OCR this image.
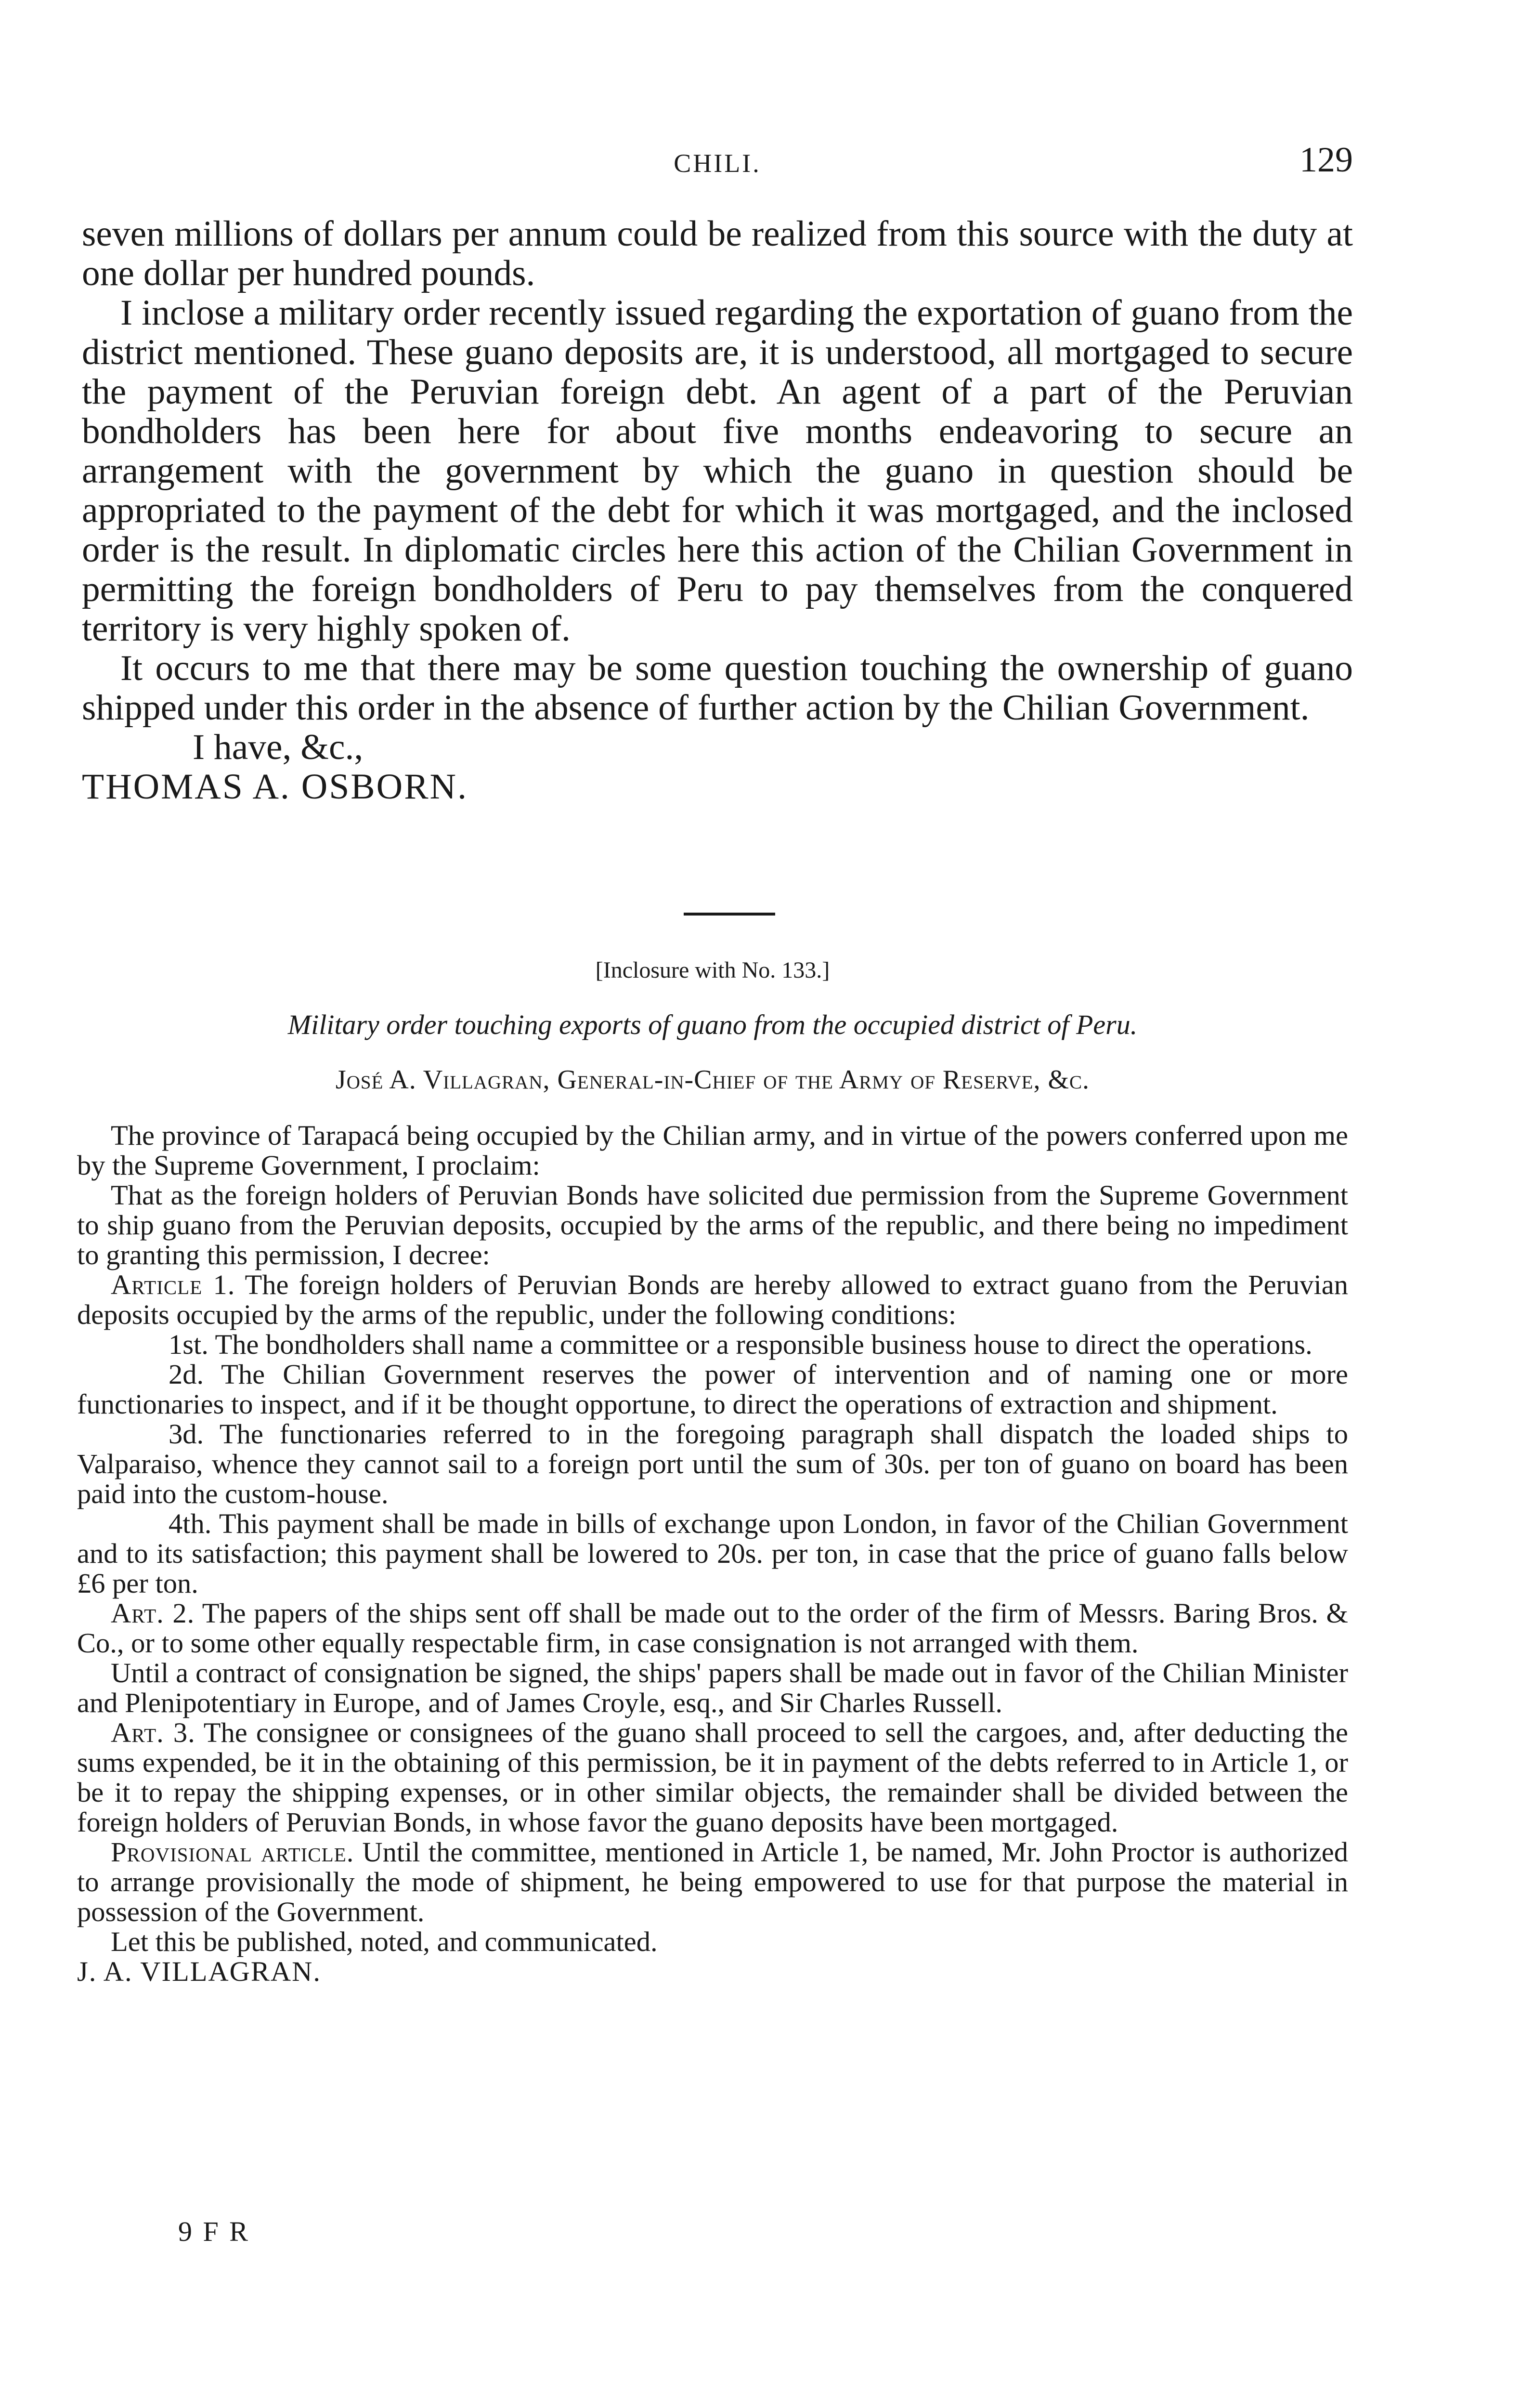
CHILI.	129

seven millions of dollars per annum could be realized from this source with the duty at one dollar per hundred pounds.

I inclose a military order recently issued regarding the exportation of guano from the district mentioned. These guano deposits are, it is understood, all mortgaged to secure the payment of the Peruvian foreign debt. An agent of a part of the Peruvian bondholders has been here for about five months endeavoring to secure an arrangement with the government by which the guano in question should be appropriated to the payment of the debt for which it was mortgaged, and the inclosed order is the result. In diplomatic circles here this action of the Chilian Government in permitting the foreign bondholders of Peru to pay themselves from the conquered territory is very highly spoken of.

It occurs to me that there may be some question touching the ownership of guano shipped under this order in the absence of further action by the Chilian Government.

I have, &c.,

THOMAS A. OSBORN.

[Inclosure with No. 133.]

Military order touching exports of guano from the occupied district of Peru.

José A. Villagran, General-in-Chief of the Army of Reserve, &c.

The province of Tarapacá being occupied by the Chilian army, and in virtue of the powers conferred upon me by the Supreme Government, I proclaim:

That as the foreign holders of Peruvian Bonds have solicited due permission from the Supreme Government to ship guano from the Peruvian deposits, occupied by the arms of the republic, and there being no impediment to granting this permission, I decree:

Article 1. The foreign holders of Peruvian Bonds are hereby allowed to extract guano from the Peruvian deposits occupied by the arms of the republic, under the following conditions:

1st. The bondholders shall name a committee or a responsible business house to direct the operations.

2d. The Chilian Government reserves the power of intervention and of naming one or more functionaries to inspect, and if it be thought opportune, to direct the operations of extraction and shipment.

3d. The functionaries referred to in the foregoing paragraph shall dispatch the loaded ships to Valparaiso, whence they cannot sail to a foreign port until the sum of 30s. per ton of guano on board has been paid into the custom-house.

4th. This payment shall be made in bills of exchange upon London, in favor of the Chilian Government and to its satisfaction; this payment shall be lowered to 20s. per ton, in case that the price of guano falls below £6 per ton.

Art. 2. The papers of the ships sent off shall be made out to the order of the firm of Messrs. Baring Bros. & Co., or to some other equally respectable firm, in case consignation is not arranged with them.

Until a contract of consignation be signed, the ships' papers shall be made out in favor of the Chilian Minister and Plenipotentiary in Europe, and of James Croyle, esq., and Sir Charles Russell.

Art. 3. The consignee or consignees of the guano shall proceed to sell the cargoes, and, after deducting the sums expended, be it in the obtaining of this permission, be it in payment of the debts referred to in Article 1, or be it to repay the shipping expenses, or in other similar objects, the remainder shall be divided between the foreign holders of Peruvian Bonds, in whose favor the guano deposits have been mortgaged.

Provisional article. Until the committee, mentioned in Article 1, be named, Mr. John Proctor is authorized to arrange provisionally the mode of shipment, he being empowered to use for that purpose the material in possession of the Government.

Let this be published, noted, and communicated.

J. A. VILLAGRAN.

9 F R
